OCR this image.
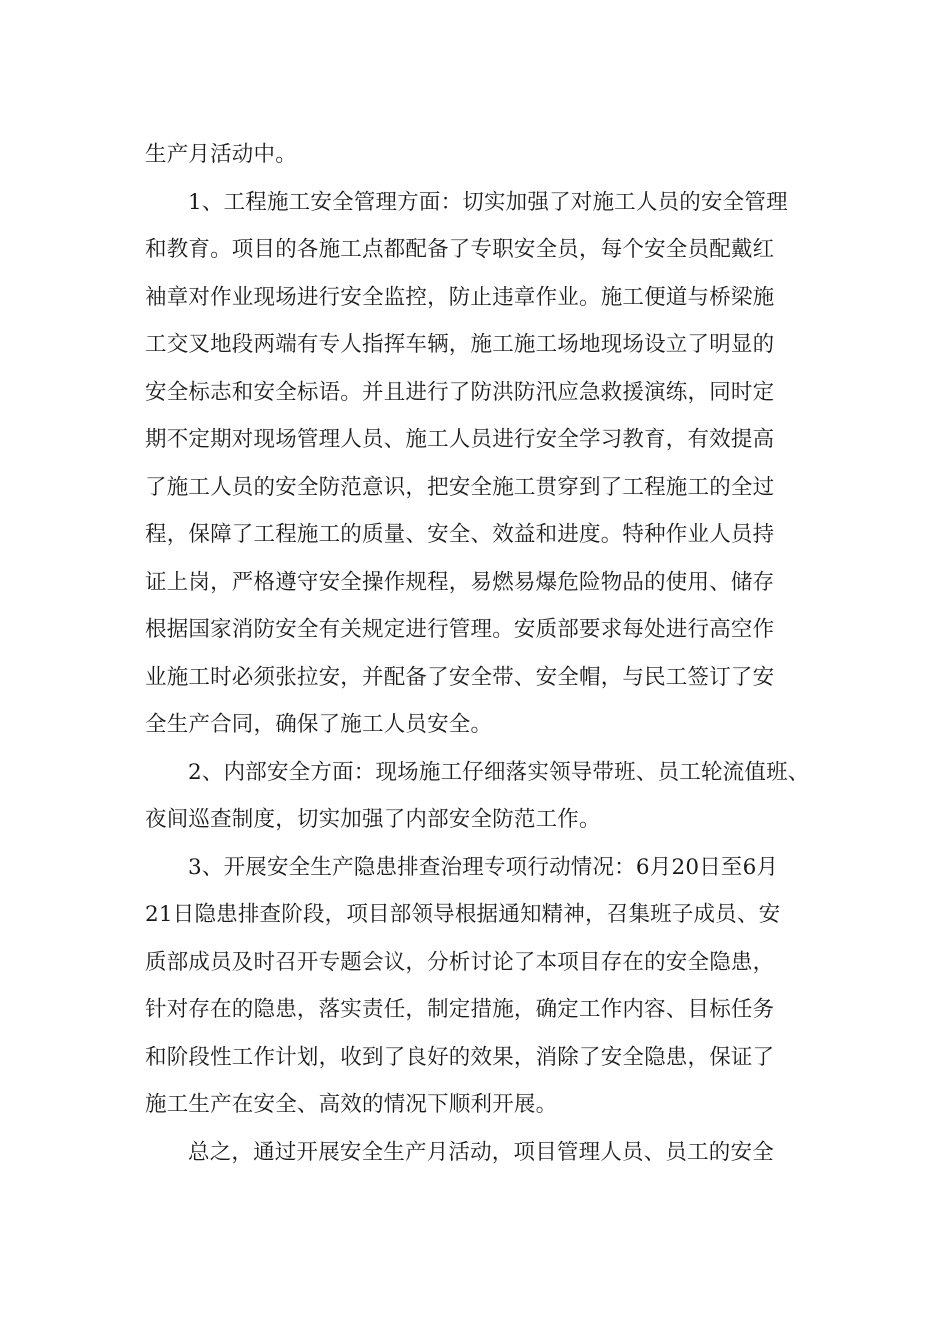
生产月活动中。
1、工程施工安全管理方面：切实加强了对施工人员的安全管理
和教育。项目的各施工点都配备了专职安全员，每个安全员配戴红
袖章对作业现场进行安全监控，防止违章作业。施工便道与桥梁施
工交叉地段两端有专人指挥车辆，施工施工场地现场设立了明显的
安全标志和安全标语。并且进行了防洪防汛应急救援演练，同时定
期不定期对现场管理人员、施工人员进行安全学习教育，有效提高
了施工人员的安全防范意识，把安全施工贯穿到了工程施工的全过
程，保障了工程施工的质量、安全、效益和进度。特种作业人员持
证上岗，严格遵守安全操作规程，易燃易爆危险物品的使用、储存
根据国家消防安全有关规定进行管理。安质部要求每处进行高空作
业施工时必须张拉安，并配备了安全带、安全帽，与民工签订了安
全生产合同，确保了施工人员安全。
2、内部安全方面：现场施工仔细落实领导带班、员工轮流值班、
夜间巡查制度，切实加强了内部安全防范工作。
3、开展安全生产隐患排查治理专项行动情况：6月20日至6月
21日隐患排查阶段，项目部领导根据通知精神，召集班子成员、安
质部成员及时召开专题会议，分析讨论了本项目存在的安全隐患，
针对存在的隐患，落实责任，制定措施，确定工作内容、目标任务
和阶段性工作计划，收到了良好的效果，消除了安全隐患，保证了
施工生产在安全、高效的情况下顺利开展。
总之，通过开展安全生产月活动，项目管理人员、员工的安全
